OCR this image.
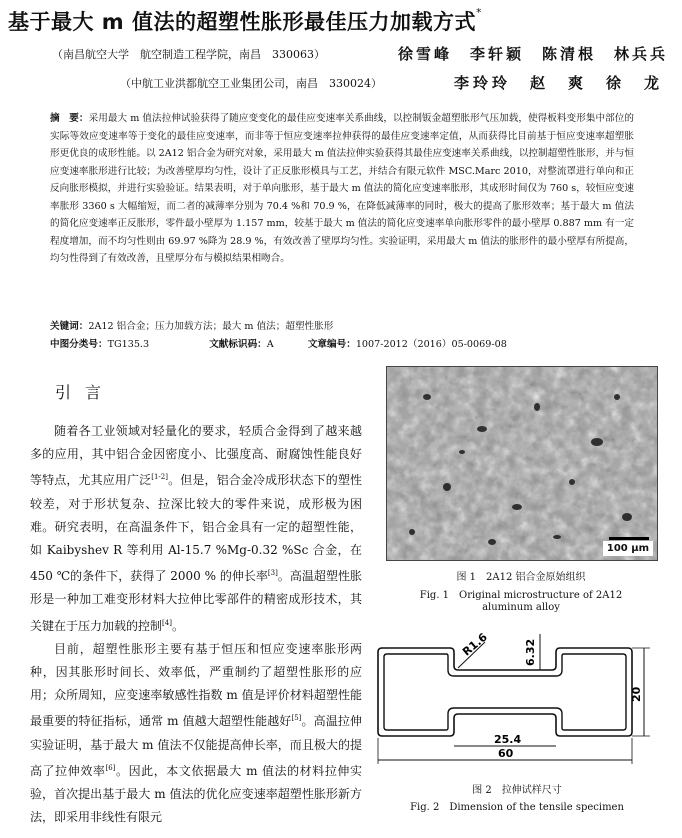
基于最大 m 值法的超塑性胀形最佳压力加载方式*
（南昌航空大学　航空制造工程学院，南昌　330063）	徐雪峰　李轩颖　陈清根　林兵兵
（中航工业洪都航空工业集团公司，南昌　330024）	李玲玲　赵　爽　徐　龙
摘　要：采用最大 m 值法拉伸试验获得了随应变变化的最佳应变速率关系曲线，以控制钣金超塑胀形气压加载，使得板料变形集中部位的实际等效应变速率等于变化的最佳应变速率，而非等于恒应变速率拉伸获得的最佳应变速率定值，从而获得比目前基于恒应变速率超塑胀形更优良的成形性能。以 2A12 铝合金为研究对象，采用最大 m 值法拉伸实验获得其最佳应变速率关系曲线，以控制超塑性胀形，并与恒应变速率胀形进行比较；为改善壁厚均匀性，设计了正反胀形模具与工艺，并结合有限元软件 MSC.Marc 2010，对整流罩进行单向和正反向胀形模拟，并进行实验验证。结果表明，对于单向胀形，基于最大 m 值法的简化应变速率胀形，其成形时间仅为 760 s，较恒应变速率胀形 3360 s 大幅缩短，而二者的减薄率分别为 70.4 %和 70.9 %，在降低减薄率的同时，极大的提高了胀形效率；基于最大 m 值法的简化应变速率正反胀形，零件最小壁厚为 1.157 mm，较基于最大 m 值法的简化应变速率单向胀形零件的最小壁厚 0.887 mm 有一定程度增加，而不均匀性则由 69.97 %降为 28.9 %，有效改善了壁厚均匀性。实验证明，采用最大 m 值法的胀形件的最小壁厚有所提高，均匀性得到了有效改善，且壁厚分布与模拟结果相吻合。
关键词：2A12 铝合金；压力加载方法；最大 m 值法；超塑性胀形
中图分类号：TG135.3	文献标识码：A	文章编号：1007-2012（2016）05-0069-08
引言

随着各工业领域对轻量化的要求，轻质合金得到了越来越多的应用，其中铝合金因密度小、比强度高、耐腐蚀性能良好等特点，尤其应用广泛[1-2]。但是，铝合金冷成形状态下的塑性较差，对于形状复杂、拉深比较大的零件来说，成形极为困难。研究表明，在高温条件下，铝合金具有一定的超塑性能，如 Kaibyshev R 等利用 Al-15.7 %Mg-0.32 %Sc 合金，在 450 ℃的条件下，获得了 2000 % 的伸长率[3]。高温超塑性胀形是一种加工难变形材料大拉伸比零部件的精密成形技术，其关键在于压力加载的控制[4]。

目前，超塑性胀形主要有基于恒压和恒应变速率胀形两种，因其胀形时间长、效率低，严重制约了超塑性胀形的应用；众所周知，应变速率敏感性指数 m 值是评价材料超塑性能最重要的特征指标，通常 m 值越大超塑性能越好[5]。高温拉伸实验证明，基于最大 m 值法不仅能提高伸长率，而且极大的提高了拉伸效率[6]。因此，本文依据最大 m 值法的材料拉伸实验，首次提出基于最大 m 值法的优化应变速率超塑性胀形新方法，即采用非线性有限元

100 μm
图 1　2A12 铝合金原始组织
Fig. 1　Original microstructure of 2A12
aluminum alloy
R1.6	6.32
20
25.4
60
图 2　拉伸试样尺寸
Fig. 2　Dimension of the tensile specimen
